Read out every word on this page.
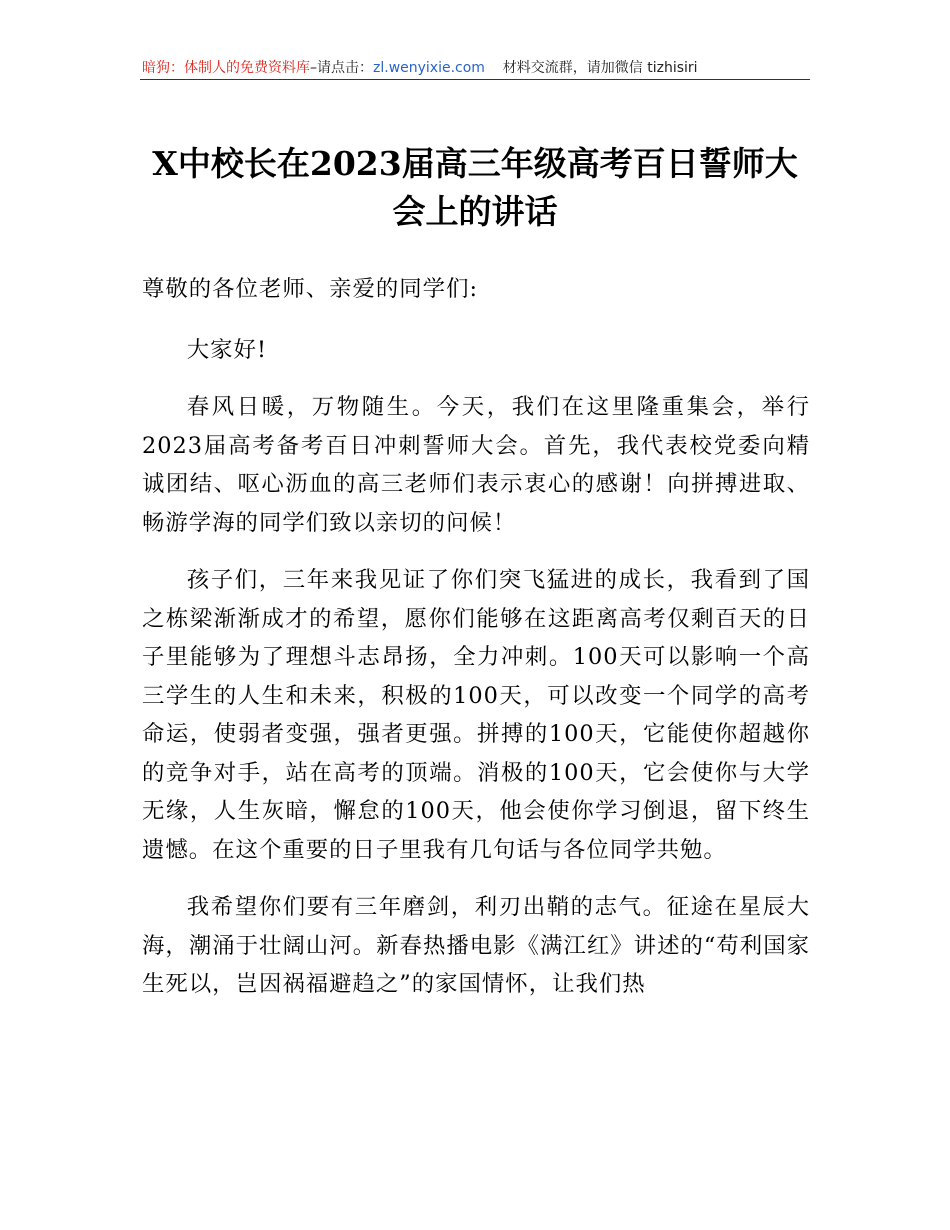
暗狗：体制人的免费资料库–请点击：zl.wenyixie.com 材料交流群，请加微信 tizhisiri
X中校长在2023届高三年级高考百日誓师大会上的讲话

尊敬的各位老师、亲爱的同学们:

大家好!

春风日暖，万物随生。今天，我们在这里隆重集会，举行2023届高考备考百日冲刺誓师大会。首先，我代表校党委向精诚团结、呕心沥血的高三老师们表示衷心的感谢！向拼搏进取、畅游学海的同学们致以亲切的问候！

孩子们，三年来我见证了你们突飞猛进的成长，我看到了国之栋梁渐渐成才的希望，愿你们能够在这距离高考仅剩百天的日子里能够为了理想斗志昂扬，全力冲刺。100天可以影响一个高三学生的人生和未来，积极的100天，可以改变一个同学的高考命运，使弱者变强，强者更强。拼搏的100天，它能使你超越你的竞争对手，站在高考的顶端。消极的100天，它会使你与大学无缘，人生灰暗，懈怠的100天，他会使你学习倒退，留下终生遗憾。在这个重要的日子里我有几句话与各位同学共勉。

我希望你们要有三年磨剑，利刃出鞘的志气。征途在星辰大海，潮涌于壮阔山河。新春热播电影《满江红》讲述的“苟利国家生死以，岂因祸福避趋之”的家国情怀，让我们热
